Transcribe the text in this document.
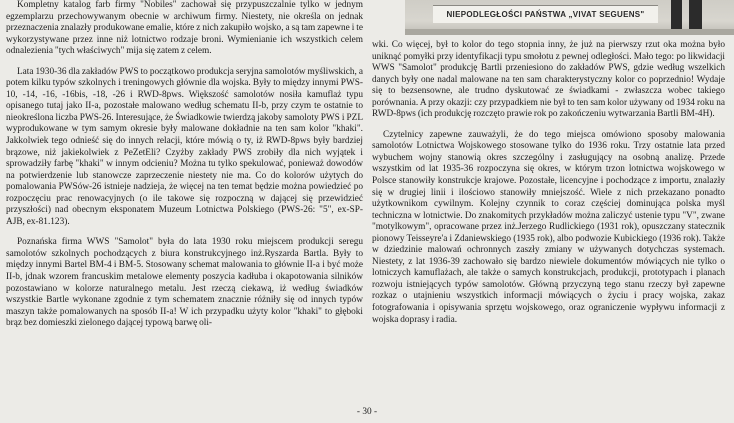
NIEPODLEGŁOŚCI PAŃSTWA „VIVAT SEGUENS"

Kompletny katalog farb firmy "Nobiles" zachował się przypuszczalnie tylko w jednym egzemplarzu przechowywanym obecnie w archiwum firmy. Niestety, nie określa on jednak przeznaczenia znalazły produkowane emalie, które z nich zakupiło wojsko, a są tam zapewne i te wykorzystywane przez inne niż lotnictwo rodzaje broni. Wymienianie ich wszystkich celem odnalezienia "tych właściwych" mija się zatem z celem.

Lata 1930-36 dla zakładów PWS to początkowo produkcja seryjna samolotów myśliwskich, a potem kilku typów szkolnych i treningowych głównie dla wojska. Były to między innymi PWS-10, -14, -16, -16bis, -18, -26 i RWD-8pws. Większość samolotów nosiła kamuflaż typu opisanego tutaj jako II-a, pozostałe malowano według schematu II-b, przy czym te ostatnie to nieokreślona liczba PWS-26. Interesujące, że Świadkowie twierdzą jakoby samoloty PWS i PZL wyprodukowane w tym samym okresie były malowane dokładnie na ten sam kolor "khaki". Jakkolwiek tego odnieść się do innych relacji, które mówią o ty, iż RWD-8pws były bardziej brązowe, niż jakiekolwiek z PeZetEli? Czyżby zakłady PWS zrobiły dla nich wyjątek i sprowadziły farbę "khaki" w innym odcieniu? Można tu tylko spekulować, ponieważ dowodów na potwierdzenie lub stanowcze zaprzeczenie niestety nie ma. Co do kolorów użytych do pomalowania PWSów-26 istnieje nadzieja, że więcej na ten temat będzie można powiedzieć po rozpoczęciu prac renowacyjnych (o ile takowe się rozpoczną w dającej się przewidzieć przyszłości) nad obecnym eksponatem Muzeum Lotnictwa Polskiego (PWS-26: "5", ex-SP-AJB, ex-81.123).

Poznańska firma WWS "Samolot" była do lata 1930 roku miejscem produkcji seregu samolotów szkolnych pochodzących z biura konstrukcyjnego inż.Ryszarda Bartla. Były to między innymi Bartel BM-4 i BM-5. Stosowany schemat malowania to głównie II-a i być może II-b, jdnak wzorem francuskim metalowe elementy poszycia kadłuba i okapotowania silników pozostawiano w kolorze naturalnego metalu. Jest rzeczą ciekawą, iż według świadków wszystkie Bartle wykonane zgodnie z tym schematem znacznie różniły się od innych typów maszyn także pomalowanych na sposób II-a! W ich przypadku użyty kolor "khaki" to głęboki brąz bez domieszki zielonego dającej typową barwę oli-

wki. Co więcej, był to kolor do tego stopnia inny, że już na pierwszy rzut oka można było uniknąć pomyłki przy identyfikacji typu smołotu z pewnej odległości. Mało tego: po likwidacji WWS "Samolot" produkcję Bartli przeniesiono do zakładów PWS, gdzie według wszelkich danych były one nadal malowane na ten sam charakterystyczny kolor co poprzednio! Wydaje się to bezsensowne, ale trudno dyskutować ze świadkami - zwłaszcza wobec takiego porównania. A przy okazji: czy przypadkiem nie był to ten sam kolor używany od 1934 roku na RWD-8pws (ich produkcję rozczęto prawie rok po zakończeniu wytwarzania Bartli BM-4H).

Czytelnicy zapewne zauważyli, że do tego miejsca omówiono sposoby malowania samolotów Lotnictwa Wojskowego stosowane tylko do 1936 roku. Trzy ostatnie lata przed wybuchem wojny stanowią okres szczególny i zasługujący na osobną analizę. Przede wszystkim od lat 1935-36 rozpoczyna się okres, w którym trzon lotnictwa wojskowego w Polsce stanowiły konstrukcje krajowe. Pozostałe, licencyjne i pochodzące z importu, znalazły się w drugiej linii i ilościowo stanowiły mniejszość. Wiele z nich przekazano ponadto użytkownikom cywilnym. Kolejny czynnik to coraz częściej dominująca polska myśl techniczna w lotnictwie. Do znakomitych przykładów można zaliczyć ustenie typu "V", zwane "motylkowym", opracowane przez inż.Jerzego Rudlickiego (1931 rok), opuszczany statecznik pionowy Teisseyre'a i Zdaniewskiego (1935 rok), albo podwozie Kubickiego (1936 rok). Także w dziedzinie malowań ochronnych zaszły zmiany w używanych dotychczas systemach. Niestety, z lat 1936-39 zachowało się bardzo niewiele dokumentów mówiących nie tylko o lotniczych kamuflażach, ale także o samych konstrukcjach, produkcji, prototypach i planach rozwoju istniejących typów samolotów. Główną przyczyną tego stanu rzeczy był zapewne rozkaz o utajnieniu wszystkich informacji mówiących o życiu i pracy wojska, zakaz fotografowania i opisywania sprzętu wojskowego, oraz ograniczenie wypływu informacji z wojska doprasy i radia.

- 30 -
